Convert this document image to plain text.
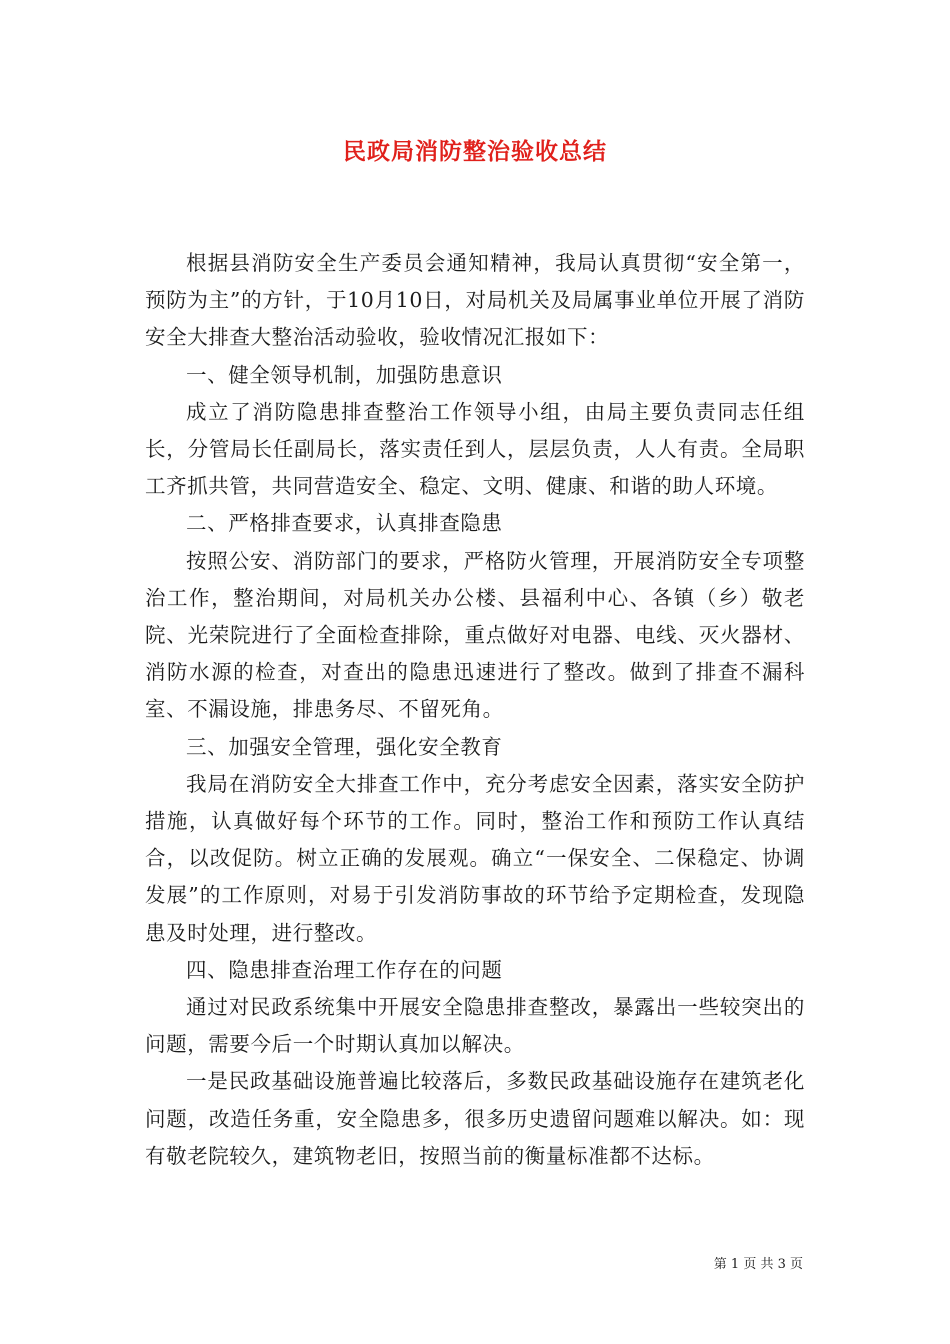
民政局消防整治验收总结

根据县消防安全生产委员会通知精神，我局认真贯彻“安全第一，预防为主”的方针，于10月10日，对局机关及局属事业单位开展了消防安全大排查大整治活动验收，验收情况汇报如下：

一、健全领导机制，加强防患意识

成立了消防隐患排查整治工作领导小组，由局主要负责同志任组长，分管局长任副局长，落实责任到人，层层负责，人人有责。全局职工齐抓共管，共同营造安全、稳定、文明、健康、和谐的助人环境。

二、严格排查要求，认真排查隐患

按照公安、消防部门的要求，严格防火管理，开展消防安全专项整治工作，整治期间，对局机关办公楼、县福利中心、各镇（乡）敬老院、光荣院进行了全面检查排除，重点做好对电器、电线、灭火器材、消防水源的检查，对查出的隐患迅速进行了整改。做到了排查不漏科室、不漏设施，排患务尽、不留死角。

三、加强安全管理，强化安全教育

我局在消防安全大排查工作中，充分考虑安全因素，落实安全防护措施，认真做好每个环节的工作。同时，整治工作和预防工作认真结合，以改促防。树立正确的发展观。确立“一保安全、二保稳定、协调发展”的工作原则，对易于引发消防事故的环节给予定期检查，发现隐患及时处理，进行整改。

四、隐患排查治理工作存在的问题

通过对民政系统集中开展安全隐患排查整改，暴露出一些较突出的问题，需要今后一个时期认真加以解决。

一是民政基础设施普遍比较落后，多数民政基础设施存在建筑老化问题，改造任务重，安全隐患多，很多历史遗留问题难以解决。如：现有敬老院较久，建筑物老旧，按照当前的衡量标准都不达标。

第 1 页 共 3 页
